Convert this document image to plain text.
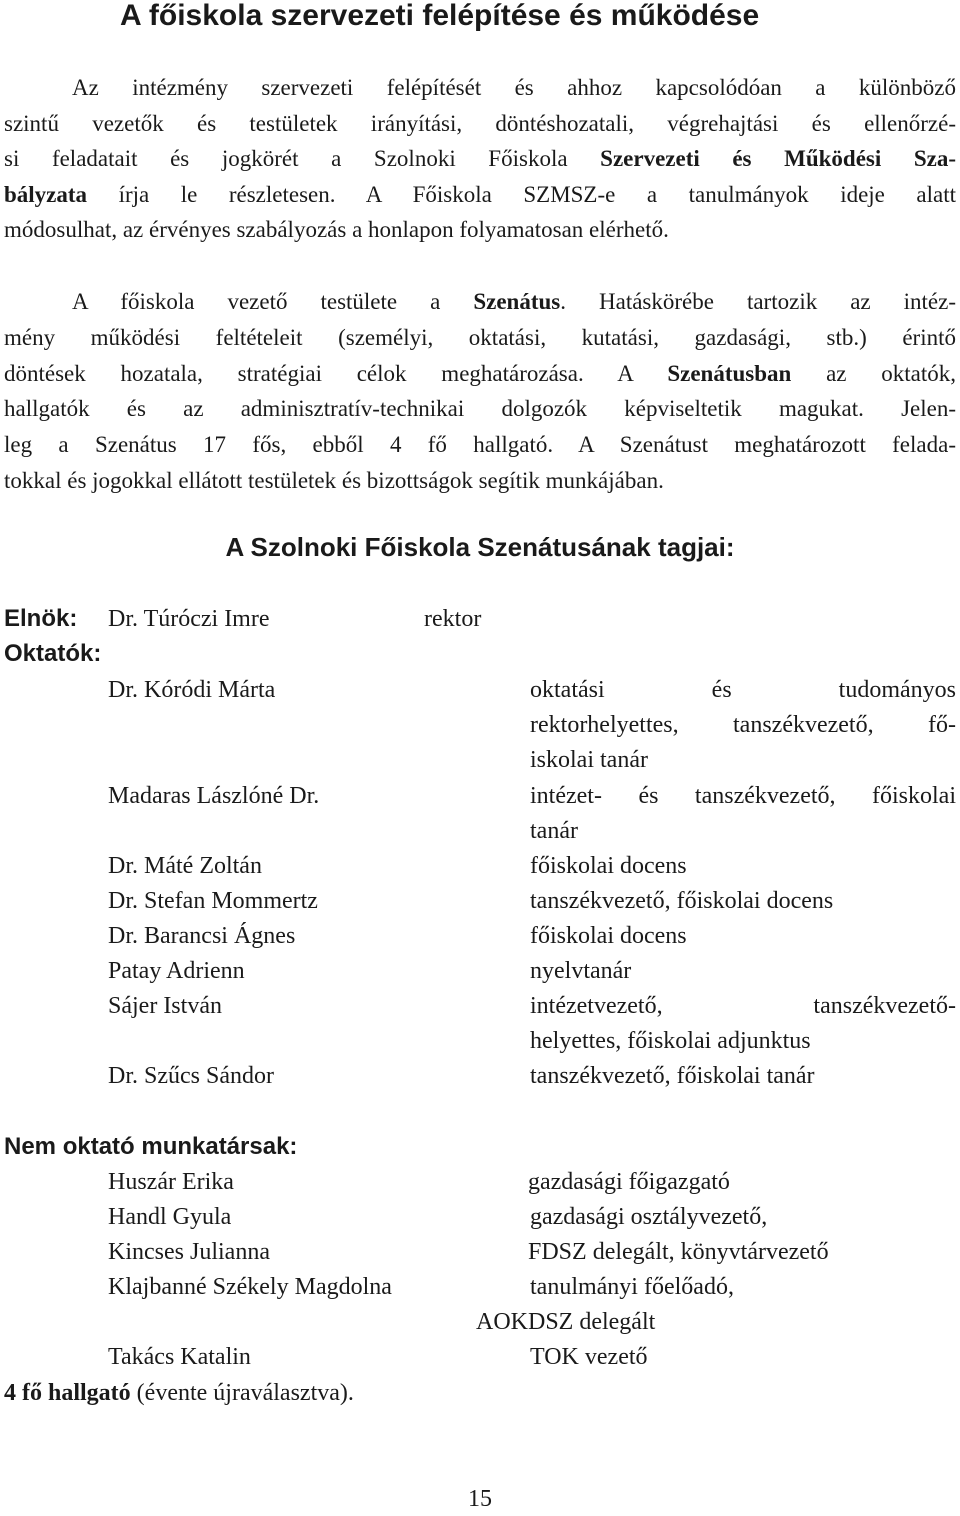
A főiskola szervezeti felépítése és működése
Az intézmény szervezeti felépítését és ahhoz kapcsolódóan a különböző
szintű vezetők és testületek irányítási, döntéshozatali, végrehajtási és ellenőrzé-
si feladatait és jogkörét a Szolnoki Főiskola Szervezeti és Működési Sza-
bályzata írja le részletesen. A Főiskola SZMSZ-e a tanulmányok ideje alatt
módosulhat, az érvényes szabályozás a honlapon folyamatosan elérhető.
A főiskola vezető testülete a Szenátus. Hatáskörébe tartozik az intéz-
mény működési feltételeit (személyi, oktatási, kutatási, gazdasági, stb.) érintő
döntések hozatala, stratégiai célok meghatározása. A Szenátusban az oktatók,
hallgatók és az adminisztratív-technikai dolgozók képviseltetik magukat. Jelen-
leg a Szenátus 17 fős, ebből 4 fő hallgató. A Szenátust meghatározott felada-
tokkal és jogokkal ellátott testületek és bizottságok segítik munkájában.
A Szolnoki Főiskola Szenátusának tagjai:
Elnök: Dr. Túróczi Imre	rektor
Oktatók:
Dr. Kóródi Márta	oktatási és tudományos
rektorhelyettes, tanszékvezető, fő-
iskolai tanár
Madaras Lászlóné Dr.	intézet- és tanszékvezető, főiskolai
tanár
Dr. Máté Zoltán	főiskolai docens
Dr. Stefan Mommertz	tanszékvezető, főiskolai docens
Dr. Barancsi Ágnes	főiskolai docens
Patay Adrienn	nyelvtanár
Sájer István	intézetvezető, tanszékvezető-
helyettes, főiskolai adjunktus
Dr. Szűcs Sándor	tanszékvezető, főiskolai tanár
Nem oktató munkatársak:
Huszár Erika	gazdasági főigazgató
Handl Gyula	gazdasági osztályvezető,
Kincses Julianna	FDSZ delegált, könyvtárvezető
Klajbanné Székely Magdolna	tanulmányi főelőadó,
AOKDSZ delegált
Takács Katalin	TOK vezető
4 fő hallgató (évente újraválasztva).
15
